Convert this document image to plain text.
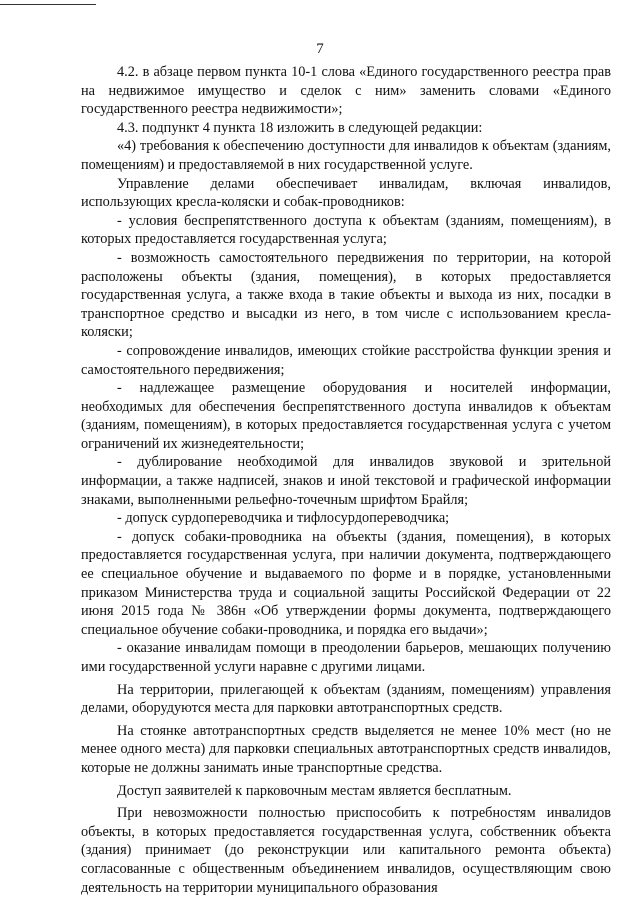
7

4.2. в абзаце первом пункта 10-1 слова «Единого государственного реестра прав на недвижимое имущество и сделок с ним» заменить словами «Единого государственного реестра недвижимости»;

4.3. подпункт 4 пункта 18 изложить в следующей редакции:

«4) требования к обеспечению доступности для инвалидов к объектам (зданиям, помещениям) и предоставляемой в них государственной услуге.

Управление делами обеспечивает инвалидам, включая инвалидов, использующих кресла-коляски и собак-проводников:

- условия беспрепятственного доступа к объектам (зданиям, помещениям), в которых предоставляется государственная услуга;

- возможность самостоятельного передвижения по территории, на которой расположены объекты (здания, помещения), в которых предоставляется государственная услуга, а также входа в такие объекты и выхода из них, посадки в транспортное средство и высадки из него, в том числе с использованием кресла-коляски;

- сопровождение инвалидов, имеющих стойкие расстройства функции зрения и самостоятельного передвижения;

- надлежащее размещение оборудования и носителей информации, необходимых для обеспечения беспрепятственного доступа инвалидов к объектам (зданиям, помещениям), в которых предоставляется государственная услуга с учетом ограничений их жизнедеятельности;

- дублирование необходимой для инвалидов звуковой и зрительной информации, а также надписей, знаков и иной текстовой и графической информации знаками, выполненными рельефно-точечным шрифтом Брайля;

- допуск сурдопереводчика и тифлосурдопереводчика;

- допуск собаки-проводника на объекты (здания, помещения), в которых предоставляется государственная услуга, при наличии документа, подтверждающего ее специальное обучение и выдаваемого по форме и в порядке, установленными приказом Министерства труда и социальной защиты Российской Федерации от 22 июня 2015 года № 386н «Об утверждении формы документа, подтверждающего специальное обучение собаки-проводника, и порядка его выдачи»;

- оказание инвалидам помощи в преодолении барьеров, мешающих получению ими государственной услуги наравне с другими лицами.

На территории, прилегающей к объектам (зданиям, помещениям) управления делами, оборудуются места для парковки автотранспортных средств.

На стоянке автотранспортных средств выделяется не менее 10% мест (но не менее одного места) для парковки специальных автотранспортных средств инвалидов, которые не должны занимать иные транспортные средства.

Доступ заявителей к парковочным местам является бесплатным.

При невозможности полностью приспособить к потребностям инвалидов объекты, в которых предоставляется государственная услуга, собственник объекта (здания) принимает (до реконструкции или капитального ремонта объекта) согласованные с общественным объединением инвалидов, осуществляющим свою деятельность на территории муниципального образования
